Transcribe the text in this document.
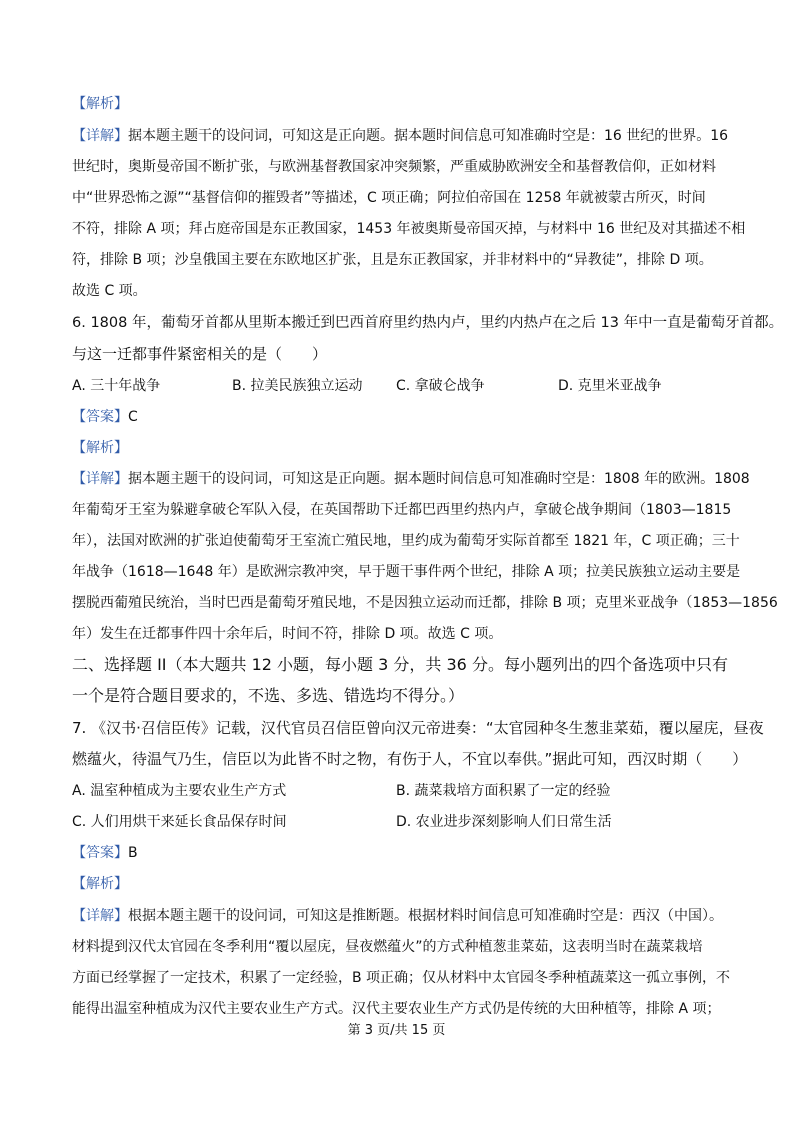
【解析】
【详解】据本题主题干的设问词，可知这是正向题。据本题时间信息可知准确时空是：16 世纪的世界。16
世纪时，奥斯曼帝国不断扩张，与欧洲基督教国家冲突频繁，严重威胁欧洲安全和基督教信仰，正如材料
中“世界恐怖之源”“基督信仰的摧毁者”等描述，C 项正确；阿拉伯帝国在 1258 年就被蒙古所灭，时间
不符，排除 A 项；拜占庭帝国是东正教国家，1453 年被奥斯曼帝国灭掉，与材料中 16 世纪及对其描述不相
符，排除 B 项；沙皇俄国主要在东欧地区扩张，且是东正教国家，并非材料中的“异教徒”，排除 D 项。
故选 C 项。
6. 1808 年，葡萄牙首都从里斯本搬迁到巴西首府里约热内卢，里约内热卢在之后 13 年中一直是葡萄牙首都。
与这一迁都事件紧密相关的是（　　）
A. 三十年战争	B. 拉美民族独立运动 C. 拿破仑战争	D. 克里米亚战争
【答案】C
【解析】
【详解】据本题主题干的设问词，可知这是正向题。据本题时间信息可知准确时空是：1808 年的欧洲。1808
年葡萄牙王室为躲避拿破仑军队入侵，在英国帮助下迁都巴西里约热内卢，拿破仑战争期间（1803—1815
年），法国对欧洲的扩张迫使葡萄牙王室流亡殖民地，里约成为葡萄牙实际首都至 1821 年，C 项正确；三十
年战争（1618—1648 年）是欧洲宗教冲突，早于题干事件两个世纪，排除 A 项；拉美民族独立运动主要是
摆脱西葡殖民统治，当时巴西是葡萄牙殖民地，不是因独立运动而迁都，排除 B 项；克里米亚战争（1853—1856
年）发生在迁都事件四十余年后，时间不符，排除 D 项。故选 C 项。
二、选择题 II（本大题共 12 小题，每小题 3 分，共 36 分。每小题列出的四个备选项中只有
一个是符合题目要求的，不选、多选、错选均不得分。）
7. 《汉书·召信臣传》记载，汉代官员召信臣曾向汉元帝进奏：“太官园种冬生葱韭菜茹，覆以屋庑，昼夜
燃蕴火，待温气乃生，信臣以为此皆不时之物，有伤于人，不宜以奉供。”据此可知，西汉时期（　　）
A. 温室种植成为主要农业生产方式	B. 蔬菜栽培方面积累了一定的经验
C. 人们用烘干来延长食品保存时间	D. 农业进步深刻影响人们日常生活
【答案】B
【解析】
【详解】根据本题主题干的设问词，可知这是推断题。根据材料时间信息可知准确时空是：西汉（中国）。
材料提到汉代太官园在冬季利用“覆以屋庑，昼夜燃蕴火”的方式种植葱韭菜茹，这表明当时在蔬菜栽培
方面已经掌握了一定技术，积累了一定经验，B 项正确；仅从材料中太官园冬季种植蔬菜这一孤立事例，不
能得出温室种植成为汉代主要农业生产方式。汉代主要农业生产方式仍是传统的大田种植等，排除 A 项；
第 3 页/共 15 页
